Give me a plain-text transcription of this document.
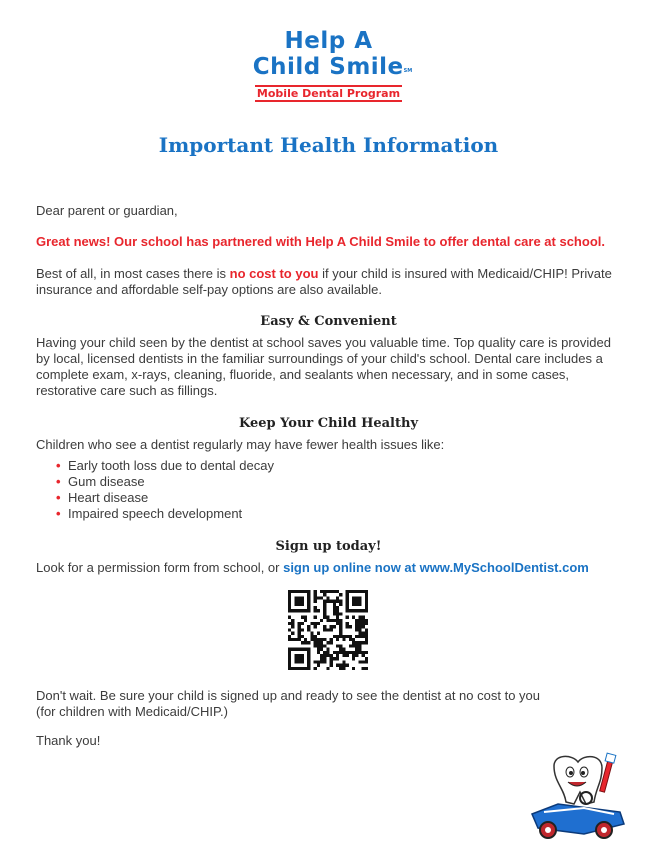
Help A
Child SmileSM
Mobile Dental Program
Important Health Information
Dear parent or guardian,
Great news! Our school has partnered with Help A Child Smile to offer dental care at school.
Best of all, in most cases there is no cost to you if your child is insured with Medicaid/CHIP! Private insurance and affordable self-pay options are also available.
Easy & Convenient
Having your child seen by the dentist at school saves you valuable time. Top quality care is provided by local, licensed dentists in the familiar surroundings of your child's school. Dental care includes a complete exam, x-rays, cleaning, fluoride, and sealants when necessary, and in some cases, restorative care such as fillings.
Keep Your Child Healthy
Children who see a dentist regularly may have fewer health issues like:
• Early tooth loss due to dental decay
• Gum disease
• Heart disease
• Impaired speech development
Sign up today!
Look for a permission form from school, or sign up online now at www.MySchoolDentist.com
Don't wait. Be sure your child is signed up and ready to see the dentist at no cost to you
(for children with Medicaid/CHIP.)
Thank you!
